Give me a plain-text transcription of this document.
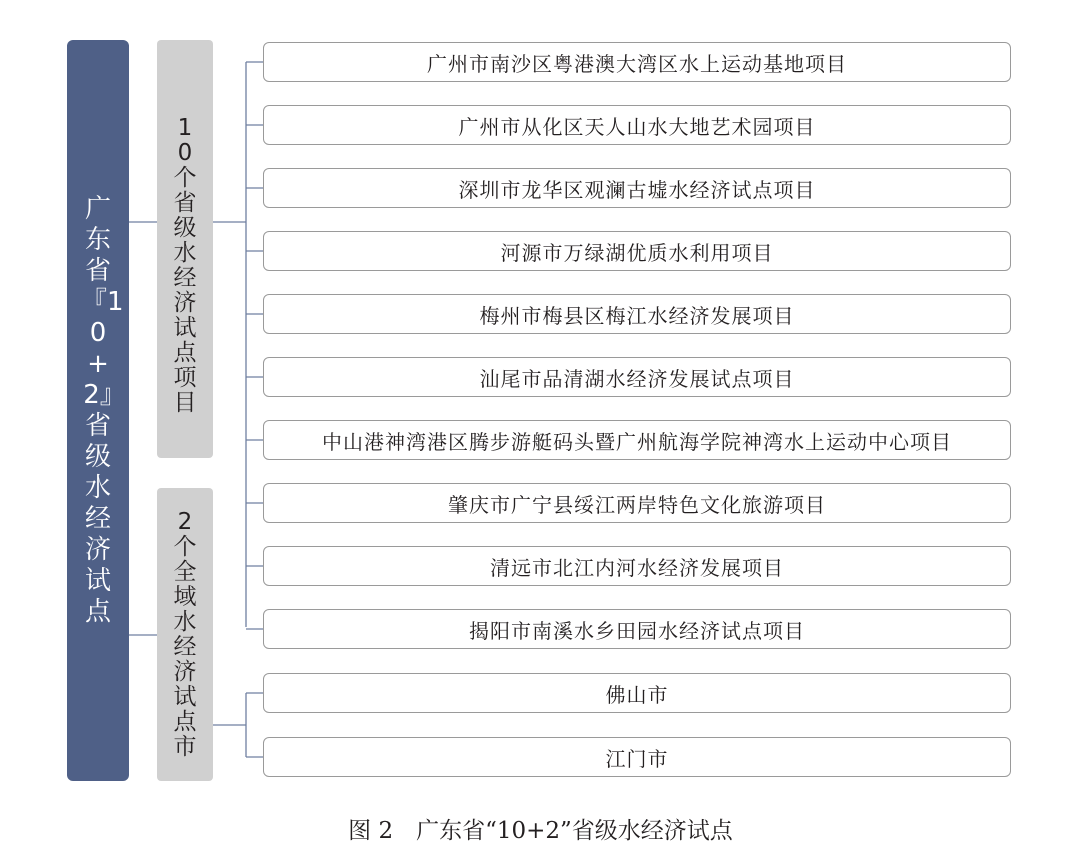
广东省『10+2』省级水经济试点
10个省级水经济试点项目
2个全域水经济试点市
广州市南沙区粤港澳大湾区水上运动基地项目
广州市从化区天人山水大地艺术园项目
深圳市龙华区观澜古墟水经济试点项目
河源市万绿湖优质水利用项目
梅州市梅县区梅江水经济发展项目
汕尾市品清湖水经济发展试点项目
中山港神湾港区腾步游艇码头暨广州航海学院神湾水上运动中心项目
肇庆市广宁县绥江两岸特色文化旅游项目
清远市北江内河水经济发展项目
揭阳市南溪水乡田园水经济试点项目
佛山市
江门市
图 2　广东省“10+2”省级水经济试点
